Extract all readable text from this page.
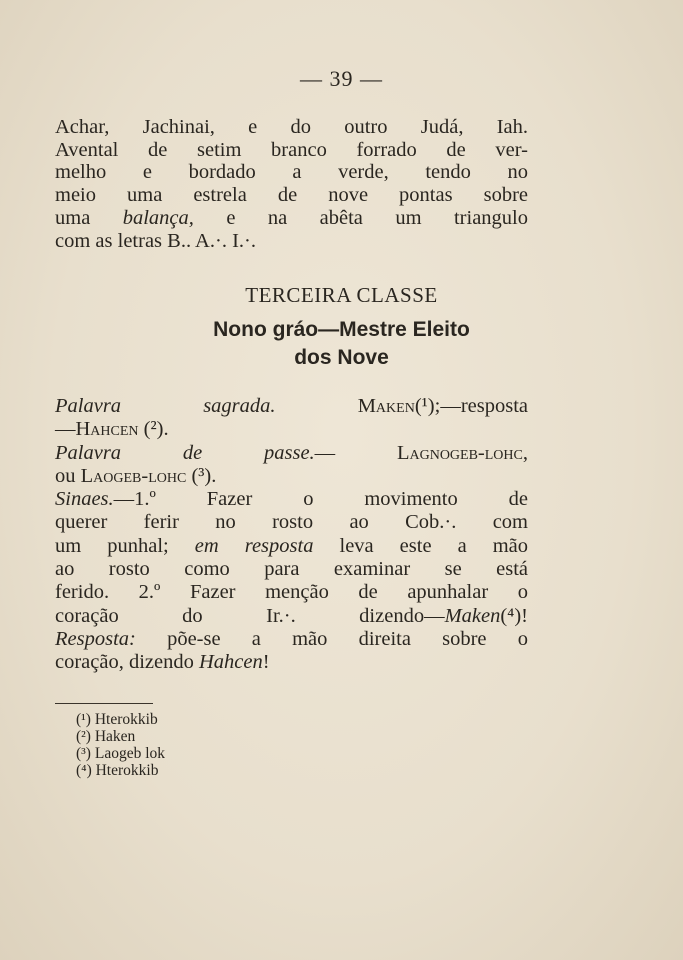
— 39 —
Achar, Jachinai, e do outro Judá, Iah.
Avental de setim branco forrado de ver-
melho e bordado a verde, tendo no
meio uma estrela de nove pontas sobre
uma balança, e na abêta um triangulo
com as letras B.. A.·. I.·.
TERCEIRA CLASSE
Nono gráo—Mestre Eleito
dos Nove
Palavra sagrada.	Maken(¹);—resposta
—Hahcen (²).
Palavra de passe.— Lagnogeb-lohc,
ou Laogeb-lohc (³).
Sinaes.—1.º Fazer o movimento de
querer ferir no rosto ao Cob.·. com
um punhal; em resposta leva este a mão
ao rosto como para examinar se está
ferido. 2.º Fazer menção de apunhalar o
coração do Ir.·. dizendo—Maken(⁴)!
Resposta: põe-se a mão direita sobre o
coração, dizendo Hahcen!
(¹) Hterokkib
(²) Haken
(³) Laogeb lok
(⁴) Hterokkib
